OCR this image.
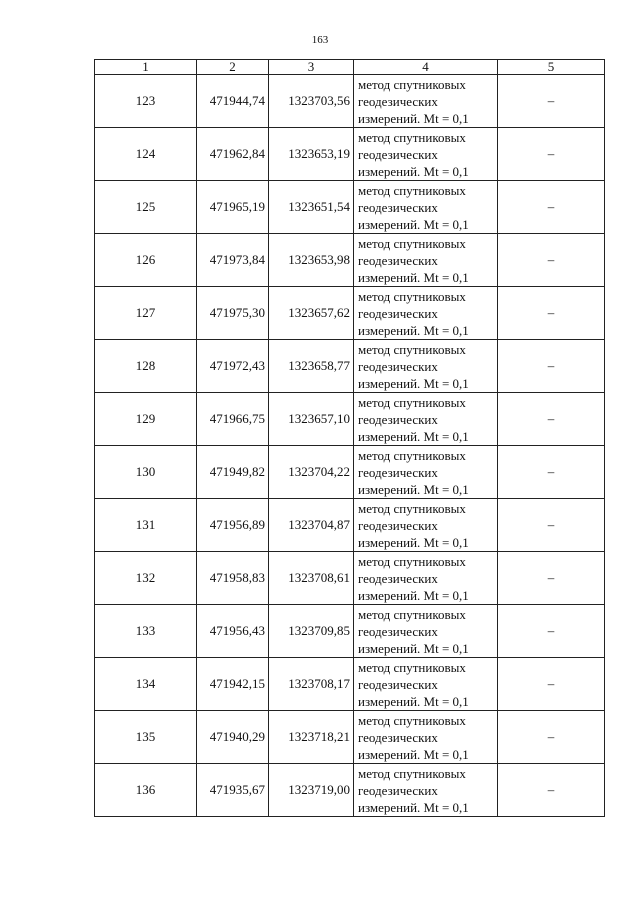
163
1	2	3	4	5
123	471944,74	1323703,56	метод спутниковых
геодезических
измерений. Mt = 0,1	–
124	471962,84	1323653,19	метод спутниковых
геодезических
измерений. Mt = 0,1	–
125	471965,19	1323651,54	метод спутниковых
геодезических
измерений. Mt = 0,1	–
126	471973,84	1323653,98	метод спутниковых
геодезических
измерений. Mt = 0,1	–
127	471975,30	1323657,62	метод спутниковых
геодезических
измерений. Mt = 0,1	–
128	471972,43	1323658,77	метод спутниковых
геодезических
измерений. Mt = 0,1	–
129	471966,75	1323657,10	метод спутниковых
геодезических
измерений. Mt = 0,1	–
130	471949,82	1323704,22	метод спутниковых
геодезических
измерений. Mt = 0,1	–
131	471956,89	1323704,87	метод спутниковых
геодезических
измерений. Mt = 0,1	–
132	471958,83	1323708,61	метод спутниковых
геодезических
измерений. Mt = 0,1	–
133	471956,43	1323709,85	метод спутниковых
геодезических
измерений. Mt = 0,1	–
134	471942,15	1323708,17	метод спутниковых
геодезических
измерений. Mt = 0,1	–
135	471940,29	1323718,21	метод спутниковых
геодезических
измерений. Mt = 0,1	–
136	471935,67	1323719,00	метод спутниковых
геодезических
измерений. Mt = 0,1	–
